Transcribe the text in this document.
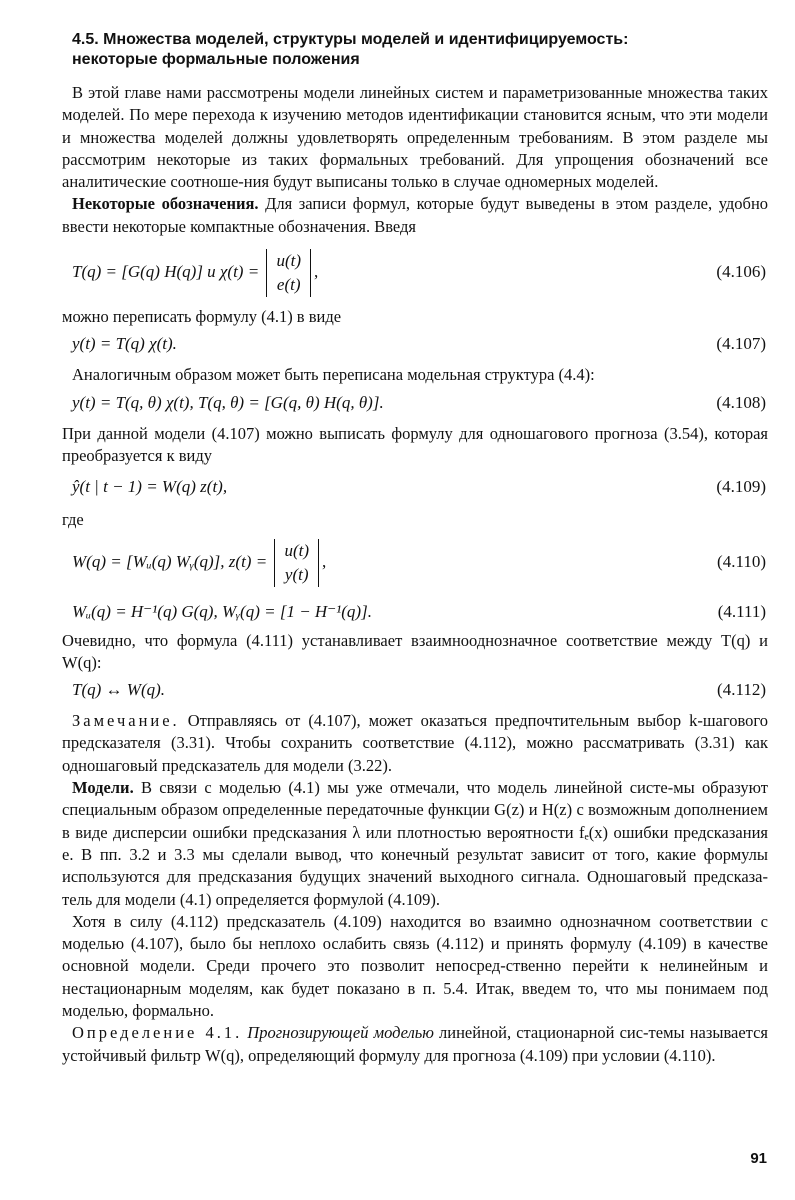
4.5. Множества моделей, структуры моделей и идентифицируемость:
некоторые формальные положения

В этой главе нами рассмотрены модели линейных систем и параметризованные множества таких моделей. По мере перехода к изучению методов идентификации становится ясным, что эти модели и множества моделей должны удовлетворять определенным требованиям. В этом разделе мы рассмотрим некоторые из таких формальных требований. Для упрощения обозначений все аналитические соотноше-ния будут выписаны только в случае одномерных моделей.

Некоторые обозначения. Для записи формул, которые будут выведены в этом разделе, удобно ввести некоторые компактные обозначения. Введя

T(q) = [G(q) H(q)] и χ(t) =
u(t)
e(t)
,	(4.106)

можно переписать формулу (4.1) в виде

y(t) = T(q) χ(t).	(4.107)

Аналогичным образом может быть переписана модельная структура (4.4):

y(t) = T(q, θ) χ(t), T(q, θ) = [G(q, θ) H(q, θ)].	(4.108)

При данной модели (4.107) можно выписать формулу для одношагового прогноза (3.54), которая преобразуется к виду

ŷ(t | t − 1) = W(q) z(t),	(4.109)

где

W(q) = [Wᵤ(q) Wᵧ(q)], z(t) =
u(t)
y(t)
,	(4.110)
Wᵤ(q) = H⁻¹(q) G(q), Wᵧ(q) = [1 − H⁻¹(q)].	(4.111)

Очевидно, что формула (4.111) устанавливает взаимнооднозначное соответствие между T(q) и W(q):

T(q) ↔ W(q).	(4.112)

Замечание. Отправляясь от (4.107), может оказаться предпочтительным выбор k-шагового предсказателя (3.31). Чтобы сохранить соответствие (4.112), можно рассматривать (3.31) как одношаговый предсказатель для модели (3.22).

Модели. В связи с моделью (4.1) мы уже отмечали, что модель линейной систе-мы образуют специальным образом определенные передаточные функции G(z) и H(z) с возможным дополнением в виде дисперсии ошибки предсказания λ или плотностью вероятности fₑ(x) ошибки предсказания e. В пп. 3.2 и 3.3 мы сделали вывод, что конечный результат зависит от того, какие формулы используются для предсказания будущих значений выходного сигнала. Одношаговый предсказа-тель для модели (4.1) определяется формулой (4.109).

Хотя в силу (4.112) предсказатель (4.109) находится во взаимно однозначном соответствии с моделью (4.107), было бы неплохо ослабить связь (4.112) и принять формулу (4.109) в качестве основной модели. Среди прочего это позволит непосред-ственно перейти к нелинейным и нестационарным моделям, как будет показано в п. 5.4. Итак, введем то, что мы понимаем под моделью, формально.

Определение 4.1. Прогнозирующей моделью линейной, стационарной сис-темы называется устойчивый фильтр W(q), определяющий формулу для прогноза (4.109) при условии (4.110).

91
